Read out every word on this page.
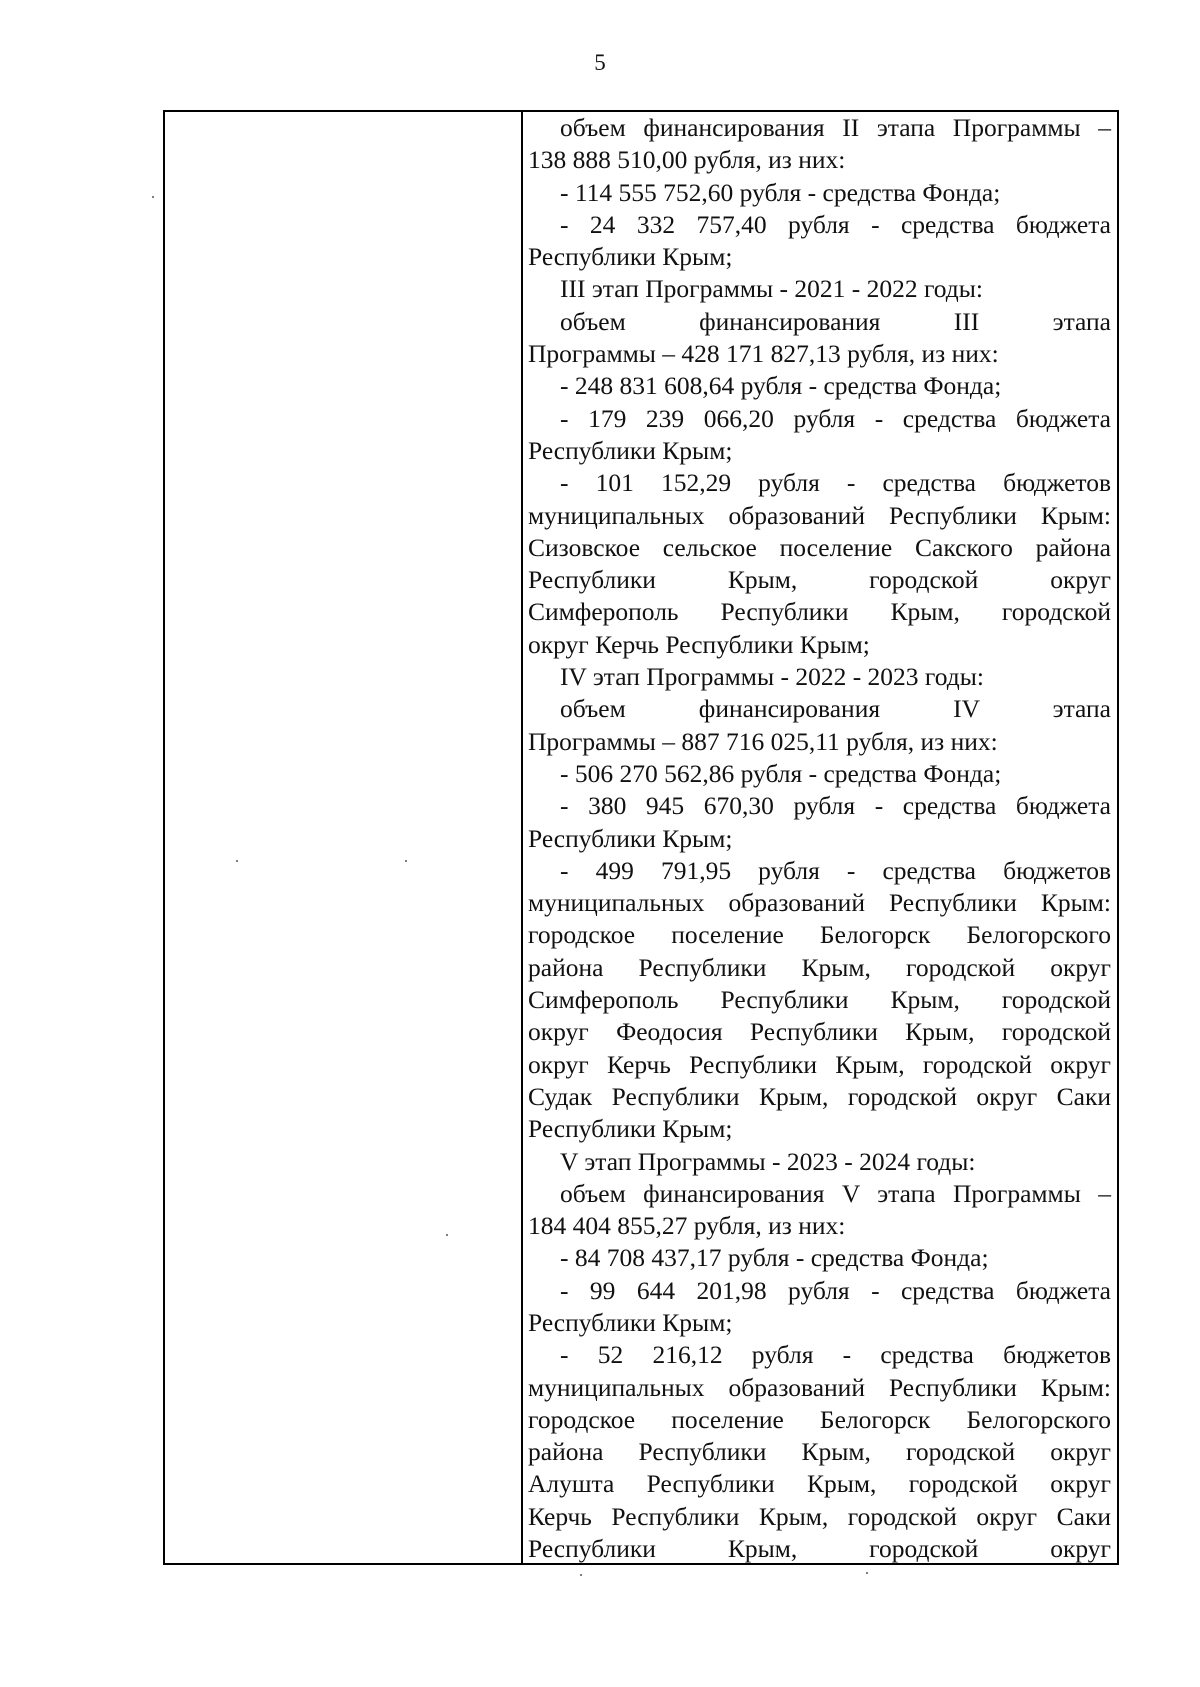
5
объем финансирования II этапа Программы –
138 888 510,00 рубля, из них:
- 114 555 752,60 рубля - средства Фонда;
- 24 332 757,40 рубля - средства бюджета
Республики Крым;
III этап Программы - 2021 - 2022 годы:
объем финансирования III этапа
Программы – 428 171 827,13 рубля, из них:
- 248 831 608,64 рубля - средства Фонда;
- 179 239 066,20 рубля - средства бюджета
Республики Крым;
- 101 152,29 рубля - средства бюджетов
муниципальных образований Республики Крым:
Сизовское сельское поселение Сакского района
Республики Крым, городской округ
Симферополь Республики Крым, городской
округ Керчь Республики Крым;
IV этап Программы - 2022 - 2023 годы:
объем финансирования IV этапа
Программы – 887 716 025,11 рубля, из них:
- 506 270 562,86 рубля - средства Фонда;
- 380 945 670,30 рубля - средства бюджета
Республики Крым;
- 499 791,95 рубля - средства бюджетов
муниципальных образований Республики Крым:
городское поселение Белогорск Белогорского
района Республики Крым, городской округ
Симферополь Республики Крым, городской
округ Феодосия Республики Крым, городской
округ Керчь Республики Крым, городской округ
Судак Республики Крым, городской округ Саки
Республики Крым;
V этап Программы - 2023 - 2024 годы:
объем финансирования V этапа Программы –
184 404 855,27 рубля, из них:
- 84 708 437,17 рубля - средства Фонда;
- 99 644 201,98 рубля - средства бюджета
Республики Крым;
- 52 216,12 рубля - средства бюджетов
муниципальных образований Республики Крым:
городское поселение Белогорск Белогорского
района Республики Крым, городской округ
Алушта Республики Крым, городской округ
Керчь Республики Крым, городской округ Саки
Республики Крым, городской округ
